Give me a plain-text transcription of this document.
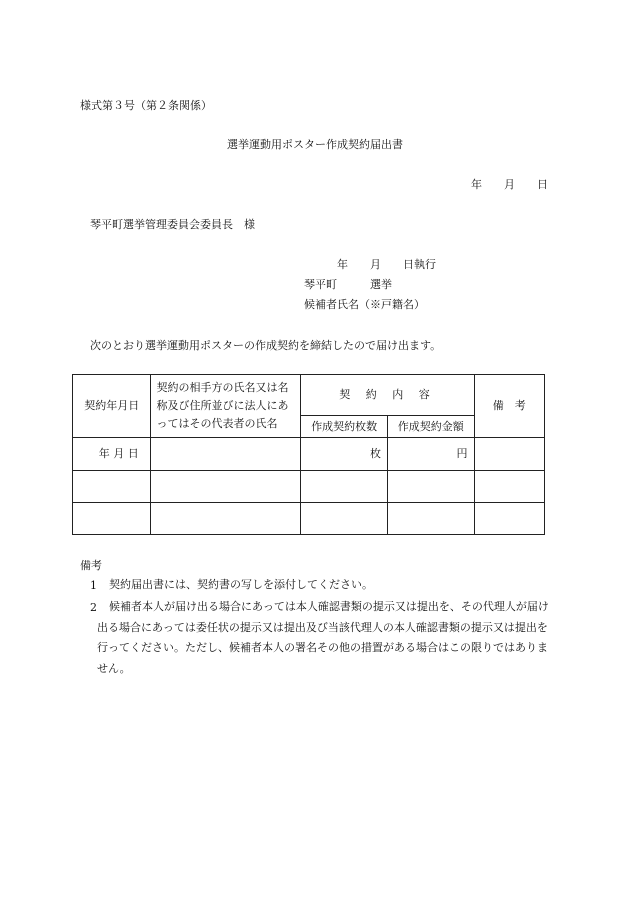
様式第３号（第２条関係）
選挙運動用ポスター作成契約届出書
年　　月　　日
琴平町選挙管理委員会委員長　様
年　　月　　日執行
琴平町　　　選挙
候補者氏名（※戸籍名）
次のとおり選挙運動用ポスターの作成契約を締結したので届け出ます。
契約年月日	契約の相手方の氏名又は名称及び住所並びに法人にあってはその代表者の氏名	契 約 内 容		備　考
		作成契約枚数	作成契約金額	
年 月 日		枚	円	

備考
1 契約届出書には、契約書の写しを添付してください。
2	候補者本人が届け出る場合にあっては本人確認書類の提示又は提出を、その代理人が届け出る場合にあっては委任状の提示又は提出及び当該代理人の本人確認書類の提示又は提出を行ってください。ただし、候補者本人の署名その他の措置がある場合はこの限りではありません。
